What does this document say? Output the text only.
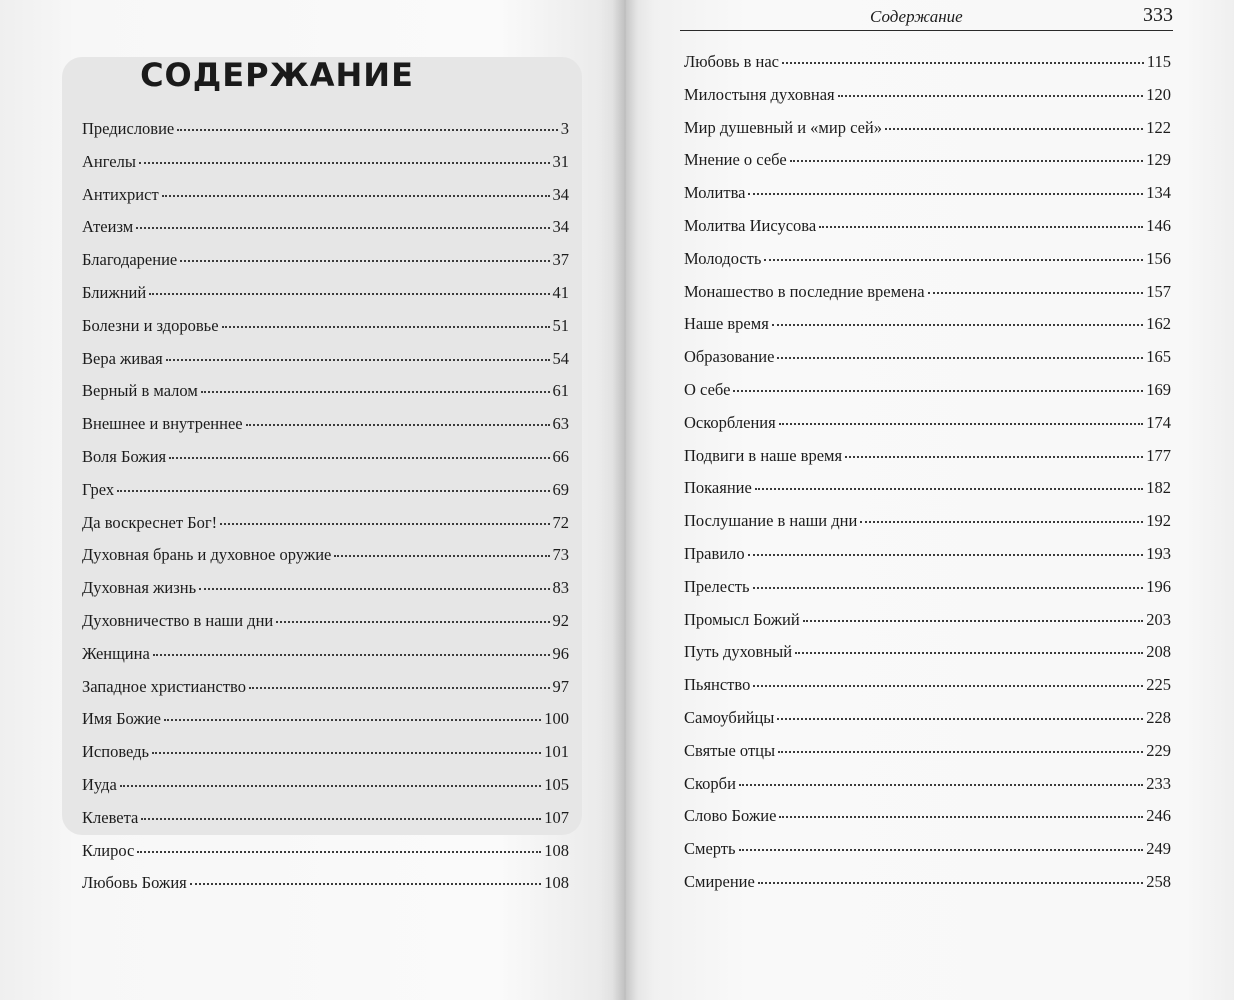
СОДЕРЖАНИЕ
Предисловие	3
Ангелы	31
Антихрист	34
Атеизм	34
Благодарение	37
Ближний	41
Болезни и здоровье	51
Вера живая	54
Верный в малом	61
Внешнее и внутреннее	63
Воля Божия	66
Грех	69
Да воскреснет Бог!	72
Духовная брань и духовное оружие	73
Духовная жизнь	83
Духовничество в наши дни	92
Женщина	96
Западное христианство	97
Имя Божие	100
Исповедь	101
Иуда	105
Клевета	107
Клирос	108
Любовь Божия	108
Содержание	333
Любовь в нас	115
Милостыня духовная	120
Мир душевный и «мир сей»	122
Мнение о себе	129
Молитва	134
Молитва Иисусова	146
Молодость	156
Монашество в последние времена	157
Наше время	162
Образование	165
О себе	169
Оскорбления	174
Подвиги в наше время	177
Покаяние	182
Послушание в наши дни	192
Правило	193
Прелесть	196
Промысл Божий	203
Путь духовный	208
Пьянство	225
Самоубийцы	228
Святые отцы	229
Скорби	233
Слово Божие	246
Смерть	249
Смирение	258
